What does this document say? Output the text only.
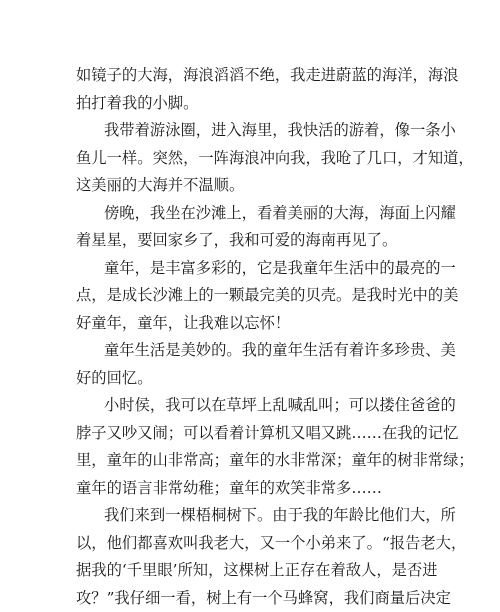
如镜子的大海，海浪滔滔不绝，我走进蔚蓝的海洋，海浪
拍打着我的小脚。
我带着游泳圈，进入海里，我快活的游着，像一条小
鱼儿一样。突然，一阵海浪冲向我，我呛了几口，才知道，
这美丽的大海并不温顺。
傍晚，我坐在沙滩上，看着美丽的大海，海面上闪耀
着星星，要回家乡了，我和可爱的海南再见了。
童年，是丰富多彩的，它是我童年生活中的最亮的一
点，是成长沙滩上的一颗最完美的贝壳。是我时光中的美
好童年，童年，让我难以忘怀！
童年生活是美妙的。我的童年生活有着许多珍贵、美
好的回忆。
小时侯，我可以在草坪上乱喊乱叫；可以搂住爸爸的
脖子又吵又闹；可以看着计算机又唱又跳……在我的记忆
里，童年的山非常高；童年的水非常深；童年的树非常绿；
童年的语言非常幼稚；童年的欢笑非常多……
我们来到一棵梧桐树下。由于我的年龄比他们大，所
以，他们都喜欢叫我老大，又一个小弟来了。“报告老大，
据我的‘千里眼’所知，这棵树上正存在着敌人，是否进
攻？”我仔细一看，树上有一个马蜂窝，我们商量后决定
